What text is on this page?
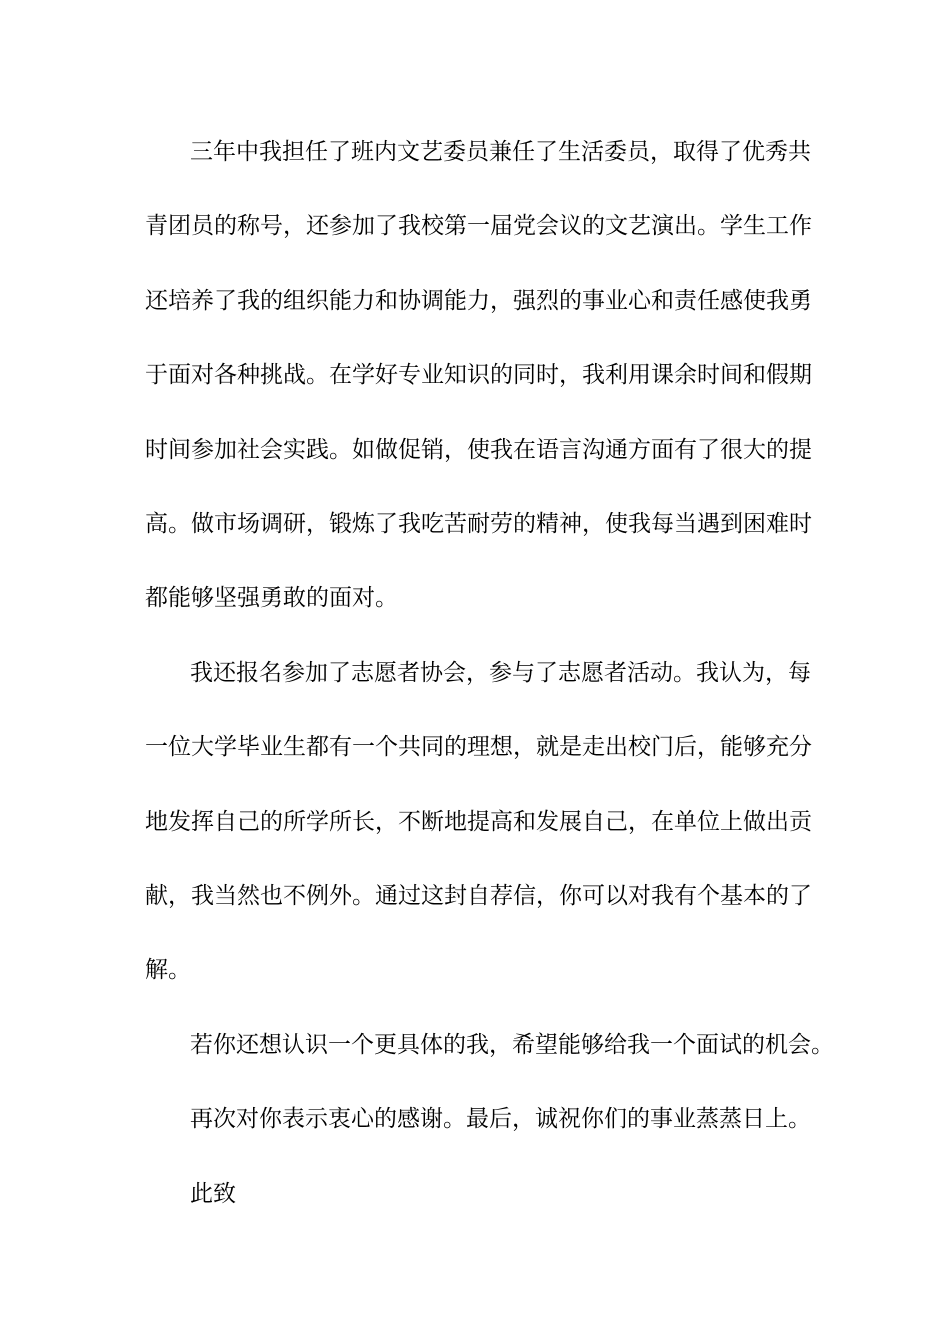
三年中我担任了班内文艺委员兼任了生活委员，取得了优秀共
青团员的称号，还参加了我校第一届党会议的文艺演出。学生工作
还培养了我的组织能力和协调能力，强烈的事业心和责任感使我勇
于面对各种挑战。在学好专业知识的同时，我利用课余时间和假期
时间参加社会实践。如做促销，使我在语言沟通方面有了很大的提
高。做市场调研，锻炼了我吃苦耐劳的精神，使我每当遇到困难时
都能够坚强勇敢的面对。
我还报名参加了志愿者协会，参与了志愿者活动。我认为，每
一位大学毕业生都有一个共同的理想，就是走出校门后，能够充分
地发挥自己的所学所长，不断地提高和发展自己，在单位上做出贡
献，我当然也不例外。通过这封自荐信，你可以对我有个基本的了
解。
若你还想认识一个更具体的我，希望能够给我一个面试的机会。
再次对你表示衷心的感谢。最后，诚祝你们的事业蒸蒸日上。
此致
